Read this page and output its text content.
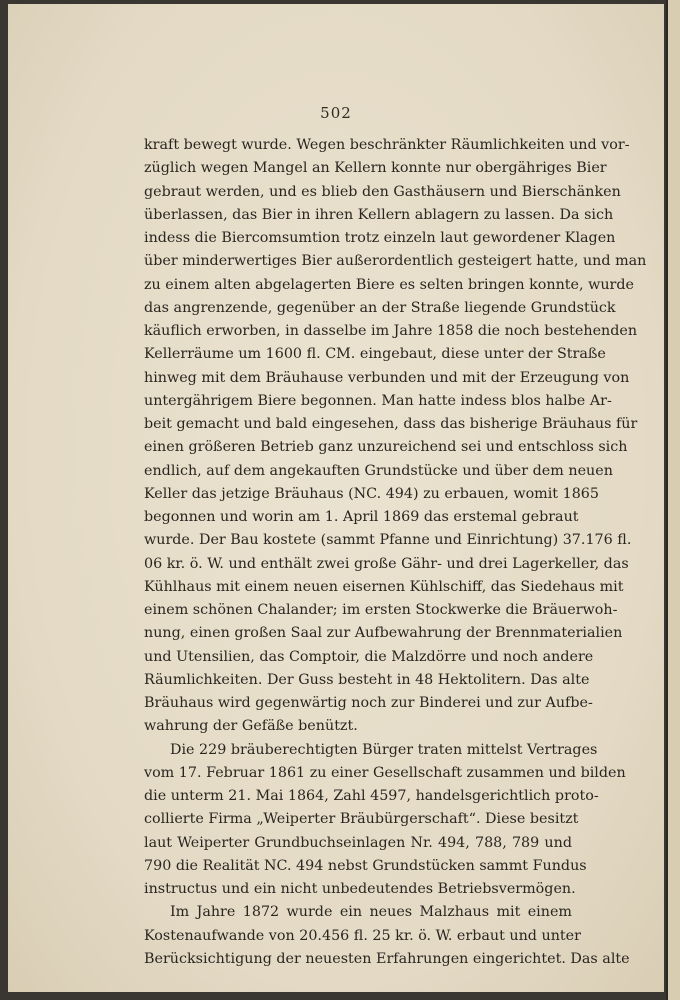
502
kraft bewegt wurde. Wegen beschränkter Räumlichkeiten und vor-
züglich wegen Mangel an Kellern konnte nur obergähriges Bier
gebraut werden, und es blieb den Gasthäusern und Bierschänken
überlassen, das Bier in ihren Kellern ablagern zu lassen. Da sich
indess die Biercomsumtion trotz einzeln laut gewordener Klagen
über minderwertiges Bier außerordentlich gesteigert hatte, und man
zu einem alten abgelagerten Biere es selten bringen konnte, wurde
das angrenzende, gegenüber an der Straße liegende Grundstück
käuflich erworben, in dasselbe im Jahre 1858 die noch bestehenden
Kellerräume um 1600 fl. CM. eingebaut, diese unter der Straße
hinweg mit dem Bräuhause verbunden und mit der Erzeugung von
untergährigem Biere begonnen. Man hatte indess blos halbe Ar-
beit gemacht und bald eingesehen, dass das bisherige Bräuhaus für
einen größeren Betrieb ganz unzureichend sei und entschloss sich
endlich, auf dem angekauften Grundstücke und über dem neuen
Keller das jetzige Bräuhaus (NC. 494) zu erbauen, womit 1865
begonnen und worin am 1. April 1869 das erstemal gebraut
wurde. Der Bau kostete (sammt Pfanne und Einrichtung) 37.176 fl.
06 kr. ö. W. und enthält zwei große Gähr- und drei Lagerkeller, das
Kühlhaus mit einem neuen eisernen Kühlschiff, das Siedehaus mit
einem schönen Chalander; im ersten Stockwerke die Bräuerwoh-
nung, einen großen Saal zur Aufbewahrung der Brennmaterialien
und Utensilien, das Comptoir, die Malzdörre und noch andere
Räumlichkeiten. Der Guss besteht in 48 Hektolitern. Das alte
Bräuhaus wird gegenwärtig noch zur Binderei und zur Aufbe-
wahrung der Gefäße benützt.
Die 229 bräuberechtigten Bürger traten mittelst Vertrages
vom 17. Februar 1861 zu einer Gesellschaft zusammen und bilden
die unterm 21. Mai 1864, Zahl 4597, handelsgerichtlich proto-
collierte Firma „Weiperter Bräubürgerschaft“. Diese besitzt
laut Weiperter Grundbuchseinlagen Nr. 494, 788, 789 und
790 die Realität NC. 494 nebst Grundstücken sammt Fundus
instructus und ein nicht unbedeutendes Betriebsvermögen.
Im Jahre 1872 wurde ein neues Malzhaus mit einem
Kostenaufwande von 20.456 fl. 25 kr. ö. W. erbaut und unter
Berücksichtigung der neuesten Erfahrungen eingerichtet. Das alte
